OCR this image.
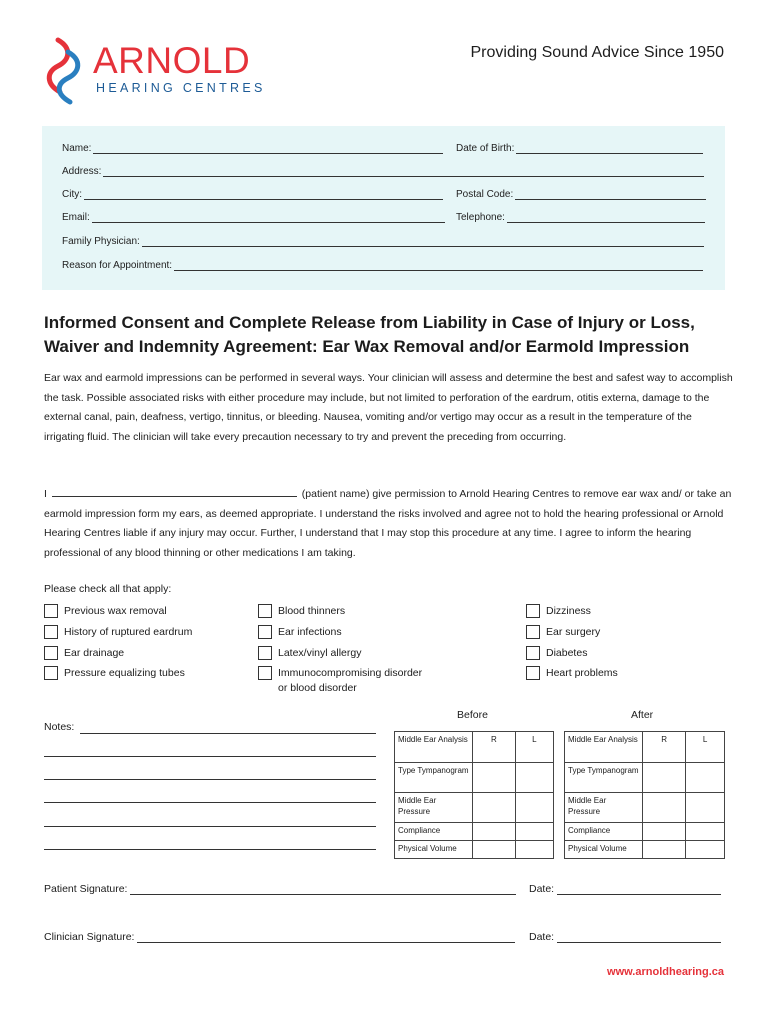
ARNOLD
HEARING CENTRES
Providing Sound Advice Since 1950
Name:	Date of Birth:
Address:
City:	Postal Code:
Email:	Telephone:
Family Physician:
Reason for Appointment:
Informed Consent and Complete Release from Liability in Case of Injury or Loss, Waiver and Indemnity Agreement: Ear Wax Removal and/or Earmold Impression
Ear wax and earmold impressions can be performed in several ways. Your clinician will assess and determine the best and safest way to accomplish the task. Possible associated risks with either procedure may include, but not limited to perforation of the eardrum, otitis externa, damage to the external canal, pain, deafness, vertigo, tinnitus, or bleeding. Nausea, vomiting and/or vertigo may occur as a result in the temperature of the irrigating fluid. The clinician will take every precaution necessary to try and prevent the preceding from occurring.
I	(patient name) give permission to Arnold Hearing Centres to remove ear wax and/ or take an earmold impression form my ears, as deemed appropriate. I understand the risks involved and agree not to hold the hearing professional or Arnold Hearing Centres liable if any injury may occur. Further, I understand that I may stop this procedure at any time. I agree to inform the hearing professional of any blood thinning or other medications I am taking.
Please check all that apply:
Previous wax removal
History of ruptured eardrum
Ear drainage
Pressure equalizing tubes
Blood thinners
Ear infections
Latex/vinyl allergy
Immunocompromising disorder or blood disorder
Dizziness
Ear surgery
Diabetes
Heart problems
Notes:
Before	After
Middle Ear Analysis	R	L
Type Tympanogram		
Middle Ear Pressure		
Compliance		
Physical Volume		
Middle Ear Analysis	R	L
Type Tympanogram		
Middle Ear Pressure		
Compliance		
Physical Volume		
Patient Signature:	Date:
Clinician Signature:	Date:
www.arnoldhearing.ca
